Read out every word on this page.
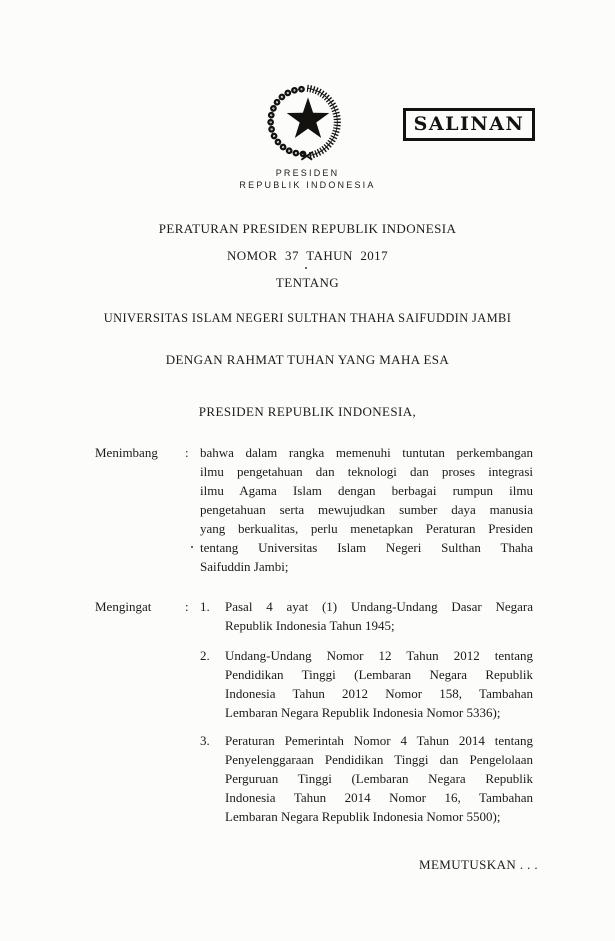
SALINAN
PRESIDEN
REPUBLIK INDONESIA
PERATURAN PRESIDEN REPUBLIK INDONESIA
NOMOR 37 TAHUN 2017
TENTANG
UNIVERSITAS ISLAM NEGERI SULTHAN THAHA SAIFUDDIN JAMBI
DENGAN RAHMAT TUHAN YANG MAHA ESA
PRESIDEN REPUBLIK INDONESIA,
Menimbang : bahwa dalam rangka memenuhi tuntutan perkembangan
ilmu pengetahuan dan teknologi dan proses integrasi
ilmu Agama Islam dengan berbagai rumpun ilmu
pengetahuan serta mewujudkan sumber daya manusia
yang berkualitas, perlu menetapkan Peraturan Presiden
tentang Universitas Islam Negeri Sulthan Thaha
Saifuddin Jambi;
Mengingat	: 1. Pasal 4 ayat (1) Undang-Undang Dasar Negara
Republik Indonesia Tahun 1945;
2. Undang-Undang Nomor 12 Tahun 2012 tentang
Pendidikan Tinggi (Lembaran Negara Republik
Indonesia Tahun 2012 Nomor 158, Tambahan
Lembaran Negara Republik Indonesia Nomor 5336);
3. Peraturan Pemerintah Nomor 4 Tahun 2014 tentang
Penyelenggaraan Pendidikan Tinggi dan Pengelolaan
Perguruan Tinggi (Lembaran Negara Republik
Indonesia Tahun 2014 Nomor 16, Tambahan
Lembaran Negara Republik Indonesia Nomor 5500);
MEMUTUSKAN . . .
